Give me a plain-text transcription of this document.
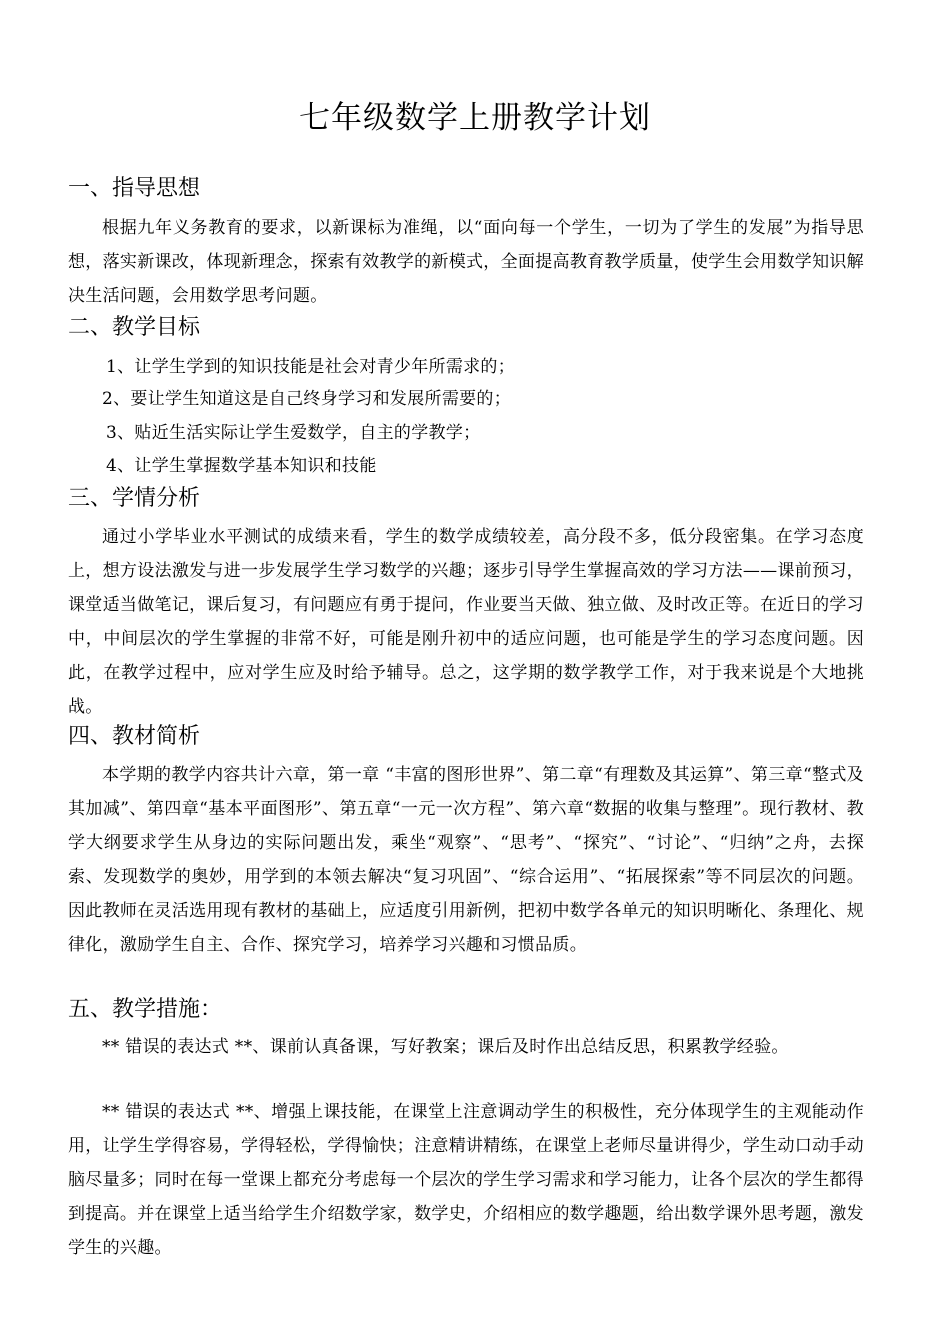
七年级数学上册教学计划
一、指导思想

根据九年义务教育的要求，以新课标为准绳，以“面向每一个学生，一切为了学生的发展”为指导思想，落实新课改，体现新理念，探索有效教学的新模式，全面提高教育教学质量，使学生会用数学知识解决生活问题，会用数学思考问题。

二、教学目标

1、让学生学到的知识技能是社会对青少年所需求的；

2、要让学生知道这是自己终身学习和发展所需要的；

3、贴近生活实际让学生爱数学，自主的学教学；

4、让学生掌握数学基本知识和技能

三、学情分析

通过小学毕业水平测试的成绩来看，学生的数学成绩较差，高分段不多，低分段密集。在学习态度上，想方设法激发与进一步发展学生学习数学的兴趣；逐步引导学生掌握高效的学习方法——课前预习，课堂适当做笔记，课后复习，有问题应有勇于提问，作业要当天做、独立做、及时改正等。在近日的学习中，中间层次的学生掌握的非常不好，可能是刚升初中的适应问题，也可能是学生的学习态度问题。因此，在教学过程中，应对学生应及时给予辅导。总之，这学期的数学教学工作，对于我来说是个大地挑战。

四、教材简析

本学期的教学内容共计六章，第一章 “丰富的图形世界”、第二章“有理数及其运算”、第三章“整式及其加减”、第四章“基本平面图形”、第五章“一元一次方程”、第六章“数据的收集与整理”。现行教材、教学大纲要求学生从身边的实际问题出发，乘坐“观察”、“思考”、“探究”、“讨论”、“归纳”之舟，去探索、发现数学的奥妙，用学到的本领去解决“复习巩固”、“综合运用”、“拓展探索”等不同层次的问题。因此教师在灵活选用现有教材的基础上，应适度引用新例，把初中数学各单元的知识明晰化、条理化、规律化，激励学生自主、合作、探究学习，培养学习兴趣和习惯品质。

五、教学措施：

** 错误的表达式 **、课前认真备课，写好教案；课后及时作出总结反思，积累教学经验。

** 错误的表达式 **、增强上课技能，在课堂上注意调动学生的积极性，充分体现学生的主观能动作用，让学生学得容易，学得轻松，学得愉快；注意精讲精练，在课堂上老师尽量讲得少，学生动口动手动脑尽量多；同时在每一堂课上都充分考虑每一个层次的学生学习需求和学习能力，让各个层次的学生都得到提高。并在课堂上适当给学生介绍数学家，数学史，介绍相应的数学趣题，给出数学课外思考题，激发学生的兴趣。
